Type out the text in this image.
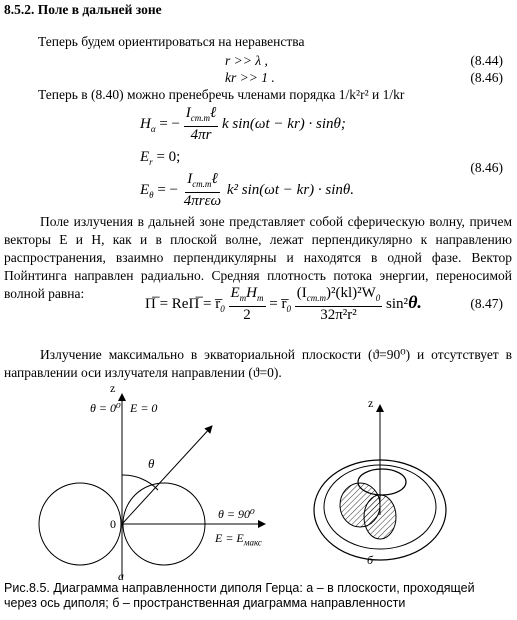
8.5.2. Поле в дальней зоне
Теперь будем ориентироваться на неравенства
r >> λ ,	(8.44)
kr >> 1 .	(8.46)
Теперь в (8.40) можно пренебречь членами порядка 1/k²r² и 1/kr
$H_\alpha$ = − $\frac{I_{cm.m}\ell}{4\pi r}$ k sin(ωt − kr) · sinθ;
$E_r = 0$;
(8.46)
$E_\theta$ = − $\frac{I_{cm.m}\ell}{\text{4πrεω}} k^2$ sin(ωt − kr) · sinθ.
Поле излучения в дальней зоне представляет собой сферическую волну, причем векторы E и H, как и в плоской волне, лежат перпендикулярно к направлению распространения, взаимно перпендикулярны и находятся в одной фазе. Вектор Пойнтинга направлен радиально. Средняя плотность потока энергии, переносимой волной равна:
Π̅ = ReΠ̅ = $r̅_0 \frac{E_mH_m}{2}$ = $r̅_0 \frac{(I_{cm.m})^2(kl)^2W_0}{\text{32π²r²}} \sin^2\theta$.	(8.47)
Излучение максимально в экваториальной плоскости (ϑ=90⁰) и отсутствует в направлении оси излучателя направлении (ϑ=0).
z
θ = 0⁰ E = 0
θ
0
θ = 90⁰
$E = E_{макс}$
а
z
б
Рис.8.5. Диаграмма направленности диполя Герца: а – в плоскости, проходящей через ось диполя; б – пространственная диаграмма направленности
